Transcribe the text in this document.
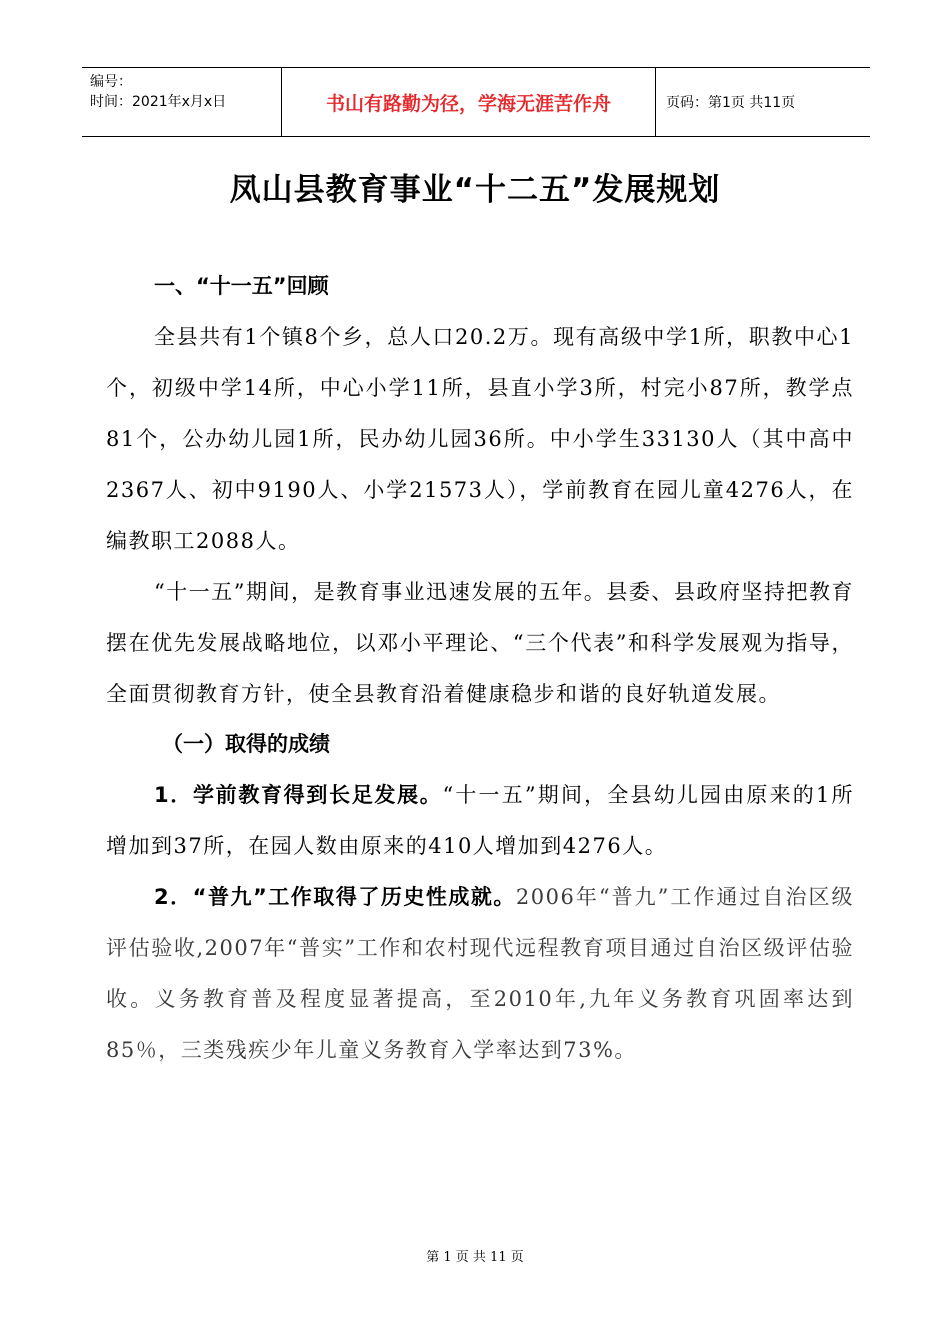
编号：
时间：2021年x月x日	书山有路勤为径，学海无涯苦作舟	页码：第1页 共11页
凤山县教育事业“十二五”发展规划
一、“十一五”回顾

全县共有1个镇8个乡，总人口20.2万。现有高级中学1所，职教中心1个，初级中学14所，中心小学11所，县直小学3所，村完小87所，教学点81个，公办幼儿园1所，民办幼儿园36所。中小学生33130人（其中高中2367人、初中9190人、小学21573人），学前教育在园儿童4276人，在编教职工2088人。

“十一五”期间，是教育事业迅速发展的五年。县委、县政府坚持把教育摆在优先发展战略地位，以邓小平理论、“三个代表”和科学发展观为指导，全面贯彻教育方针，使全县教育沿着健康稳步和谐的良好轨道发展。

（一）取得的成绩

1．学前教育得到长足发展。“十一五”期间，全县幼儿园由原来的1所增加到37所，在园人数由原来的410人增加到4276人。

2．“普九”工作取得了历史性成就。2006年“普九”工作通过自治区级评估验收,2007年“普实”工作和农村现代远程教育项目通过自治区级评估验收。义务教育普及程度显著提高，至2010年,九年义务教育巩固率达到85％，三类残疾少年儿童义务教育入学率达到73%。

第 1 页 共 11 页
